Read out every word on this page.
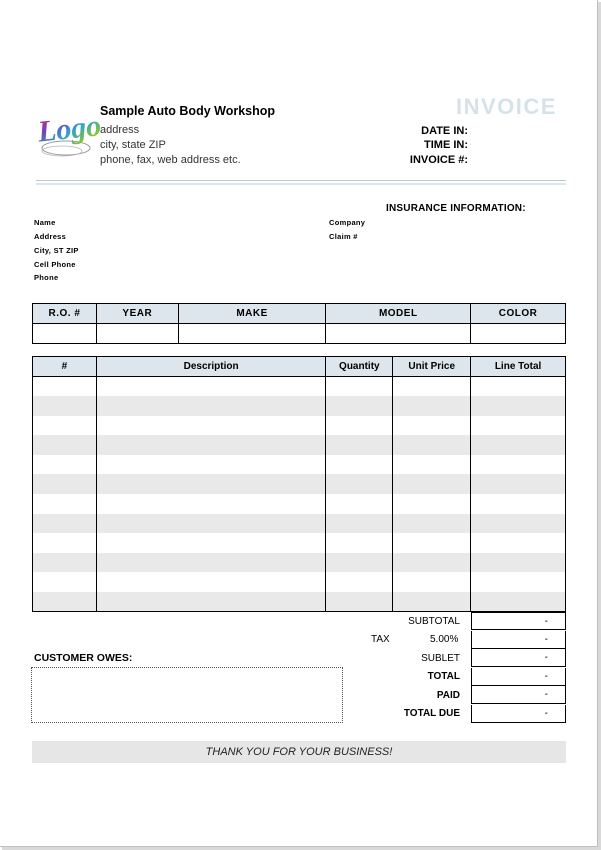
Logo
Sample Auto Body Workshop
address
city, state ZIP
phone, fax, web address etc.
INVOICE
DATE IN:
TIME IN:
INVOICE #:
INSURANCE INFORMATION:
Name
Address
City, ST ZIP
Cell Phone
Phone
Company
Claim #
R.O. #	YEAR	MAKE	MODEL	COLOR

#	Description	Quantity	Unit Price	Line Total

SUBTOTAL	-
TAX	5.00%	-
SUBLET	-
TOTAL	-
PAID	-
TOTAL DUE	-
CUSTOMER OWES:
THANK YOU FOR YOUR BUSINESS!
